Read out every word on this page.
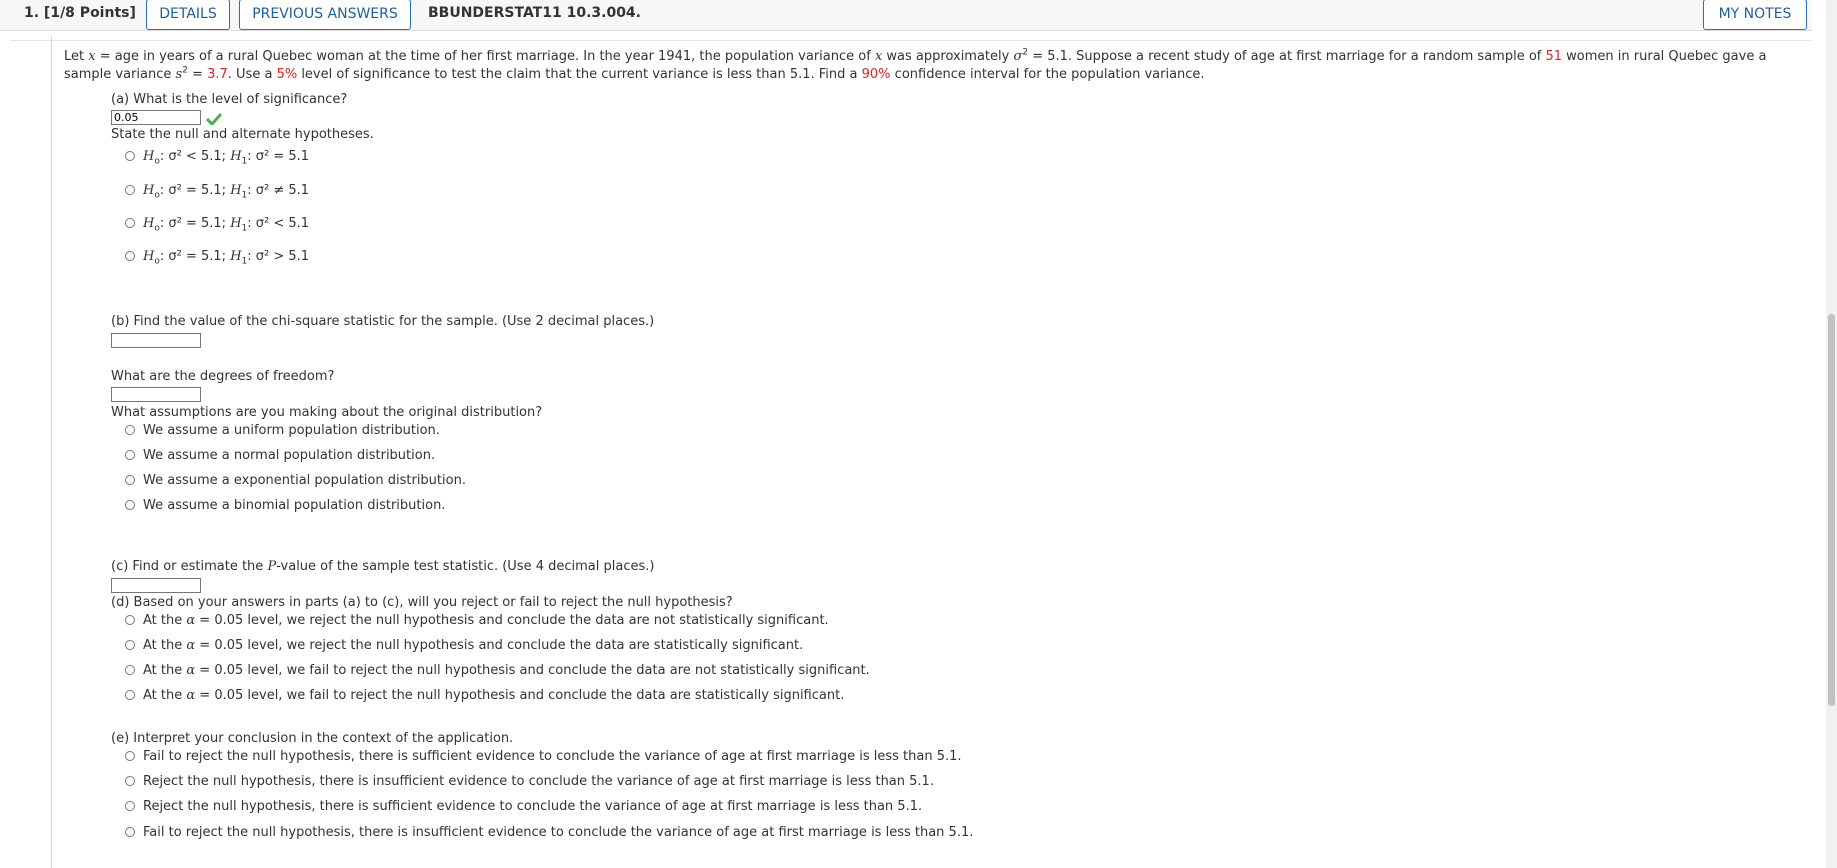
1. [1/8 Points]	DETAILS	PREVIOUS ANSWERS	BBUNDERSTAT11 10.3.004.	MY NOTES
Let x = age in years of a rural Quebec woman at the time of her first marriage. In the year 1941, the population variance of x was approximately $\sigma^2 = 5.1$. Suppose a recent study of age at first marriage for a random sample of 51 women in rural Quebec gave a sample variance $s^2 = 3.7$. Use a 5% level of significance to test the claim that the current variance is less than 5.1. Find a 90% confidence interval for the population variance.
(a) What is the level of significance?
0.05
State the null and alternate hypotheses.
$H_o$: σ² < 5.1; $H_1$: σ² = 5.1
$H_o$: σ² = 5.1; $H_1$: σ² ≠ 5.1
$H_o$: σ² = 5.1; $H_1$: σ² < 5.1
$H_o$: σ² = 5.1; $H_1$: σ² > 5.1
(b) Find the value of the chi-square statistic for the sample. (Use 2 decimal places.)
What are the degrees of freedom?
What assumptions are you making about the original distribution?
We assume a uniform population distribution.
We assume a normal population distribution.
We assume a exponential population distribution.
We assume a binomial population distribution.
(c) Find or estimate the P-value of the sample test statistic. (Use 4 decimal places.)
(d) Based on your answers in parts (a) to (c), will you reject or fail to reject the null hypothesis?
At the α = 0.05 level, we reject the null hypothesis and conclude the data are not statistically significant.
At the α = 0.05 level, we reject the null hypothesis and conclude the data are statistically significant.
At the α = 0.05 level, we fail to reject the null hypothesis and conclude the data are not statistically significant.
At the α = 0.05 level, we fail to reject the null hypothesis and conclude the data are statistically significant.
(e) Interpret your conclusion in the context of the application.
Fail to reject the null hypothesis, there is sufficient evidence to conclude the variance of age at first marriage is less than 5.1.
Reject the null hypothesis, there is insufficient evidence to conclude the variance of age at first marriage is less than 5.1.
Reject the null hypothesis, there is sufficient evidence to conclude the variance of age at first marriage is less than 5.1.
Fail to reject the null hypothesis, there is insufficient evidence to conclude the variance of age at first marriage is less than 5.1.
